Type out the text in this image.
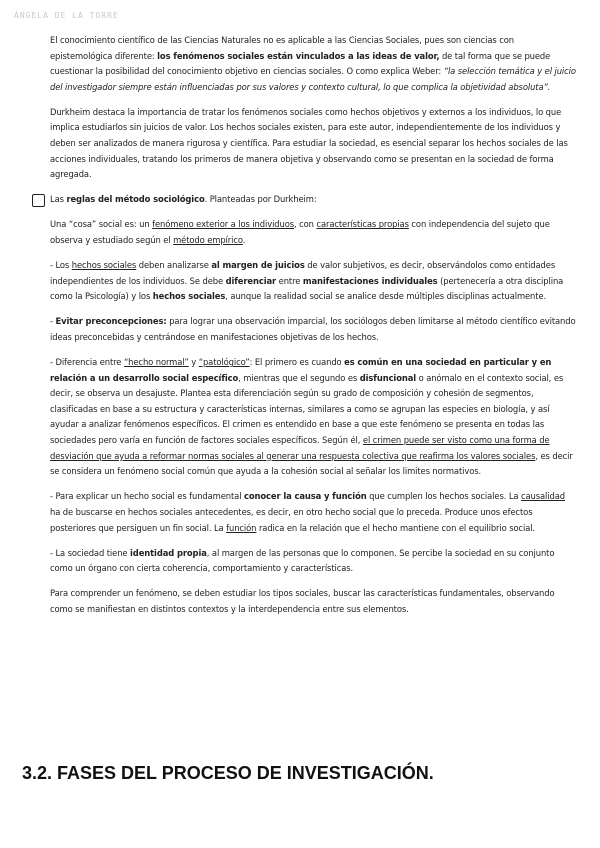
ÁNGELA DE LA TORRE

El conocimiento científico de las Ciencias Naturales no es aplicable a las Ciencias Sociales, pues son ciencias con epistemológica diferente: los fenómenos sociales están vinculados a las ideas de valor, de tal forma que se puede cuestionar la posibilidad del conocimiento objetivo en ciencias sociales. O como explica Weber: “la selección temática y el juicio del investigador siempre están influenciadas por sus valores y contexto cultural, lo que complica la objetividad absoluta”.

Durkheim destaca la importancia de tratar los fenómenos sociales como hechos objetivos y externos a los individuos, lo que implica estudiarlos sin juicios de valor. Los hechos sociales existen, para este autor, independientemente de los individuos y deben ser analizados de manera rigurosa y científica. Para estudiar la sociedad, es esencial separar los hechos sociales de las acciones individuales, tratando los primeros de manera objetiva y observando como se presentan en la sociedad de forma agregada.

Las reglas del método sociológico. Planteadas por Durkheim:

Una “cosa” social es: un fenómeno exterior a los individuos, con características propias con independencia del sujeto que observa y estudiado según el método empírico.

- Los hechos sociales deben analizarse al margen de juicios de valor subjetivos, es decir, observándolos como entidades independientes de los individuos. Se debe diferenciar entre manifestaciones individuales (pertenecería a otra disciplina como la Psicología) y los hechos sociales, aunque la realidad social se analice desde múltiples disciplinas actualmente.

- Evitar preconcepciones: para lograr una observación imparcial, los sociólogos deben limitarse al método científico evitando ideas preconcebidas y centrándose en manifestaciones objetivas de los hechos.

- Diferencia entre “hecho normal” y “patológico”: El primero es cuando es común en una sociedad en particular y en relación a un desarrollo social específico, mientras que el segundo es disfuncional o anómalo en el contexto social, es decir, se observa un desajuste. Plantea esta diferenciación según su grado de composición y cohesión de segmentos, clasificadas en base a su estructura y características internas, similares a como se agrupan las especies en biología, y así ayudar a analizar fenómenos específicos. El crimen es entendido en base a que este fenómeno se presenta en todas las sociedades pero varía en función de factores sociales específicos. Según él, el crimen puede ser visto como una forma de desviación que ayuda a reformar normas sociales al generar una respuesta colectiva que reafirma los valores sociales, es decir se considera un fenómeno social común que ayuda a la cohesión social al señalar los limites normativos.

- Para explicar un hecho social es fundamental conocer la causa y función que cumplen los hechos sociales. La causalidad ha de buscarse en hechos sociales antecedentes, es decir, en otro hecho social que lo preceda. Produce unos efectos posteriores que persiguen un fin social. La función radica en la relación que el hecho mantiene con el equilibrio social.

- La sociedad tiene identidad propia, al margen de las personas que lo componen. Se percibe la sociedad en su conjunto como un órgano con cierta coherencia, comportamiento y características.

Para comprender un fenómeno, se deben estudiar los tipos sociales, buscar las características fundamentales, observando como se manifiestan en distintos contextos y la interdependencia entre sus elementos.

3.2. FASES DEL PROCESO DE INVESTIGACIÓN.
